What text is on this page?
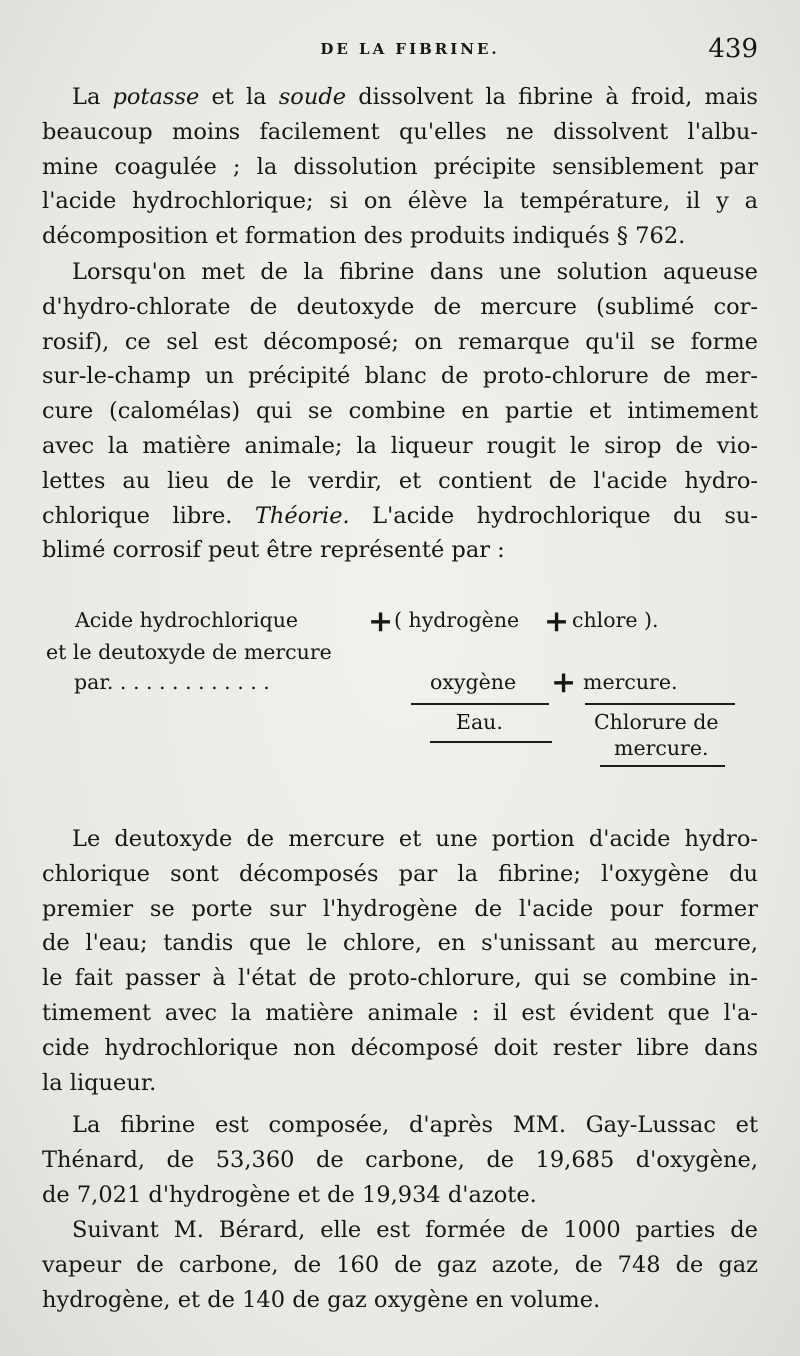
DE LA FIBRINE.	439
La potasse et la soude dissolvent la fibrine à froid, mais
beaucoup moins facilement qu'elles ne dissolvent l'albu-
mine coagulée ; la dissolution précipite sensiblement par
l'acide hydrochlorique; si on élève la température, il y a
décomposition et formation des produits indiqués § 762.
Lorsqu'on met de la fibrine dans une solution aqueuse
d'hydro-chlorate de deutoxyde de mercure (sublimé cor-
rosif), ce sel est décomposé; on remarque qu'il se forme
sur-le-champ un précipité blanc de proto-chlorure de mer-
cure (calomélas) qui se combine en partie et intimement
avec la matière animale; la liqueur rougit le sirop de vio-
lettes au lieu de le verdir, et contient de l'acide hydro-
chlorique libre. Théorie. L'acide hydrochlorique du su-
blimé corrosif peut être représenté par :
Acide hydrochlorique + ( hydrogène + chlore ).
et le deutoxyde de mercure
par. . . . . . . . . . . . .	oxygène + mercure.
Eau.	Chlorure de
mercure.
Le deutoxyde de mercure et une portion d'acide hydro-
chlorique sont décomposés par la fibrine; l'oxygène du
premier se porte sur l'hydrogène de l'acide pour former
de l'eau; tandis que le chlore, en s'unissant au mercure,
le fait passer à l'état de proto-chlorure, qui se combine in-
timement avec la matière animale : il est évident que l'a-
cide hydrochlorique non décomposé doit rester libre dans
la liqueur.
La fibrine est composée, d'après MM. Gay-Lussac et
Thénard, de 53,360 de carbone, de 19,685 d'oxygène,
de 7,021 d'hydrogène et de 19,934 d'azote.
Suivant M. Bérard, elle est formée de 1000 parties de
vapeur de carbone, de 160 de gaz azote, de 748 de gaz
hydrogène, et de 140 de gaz oxygène en volume.
